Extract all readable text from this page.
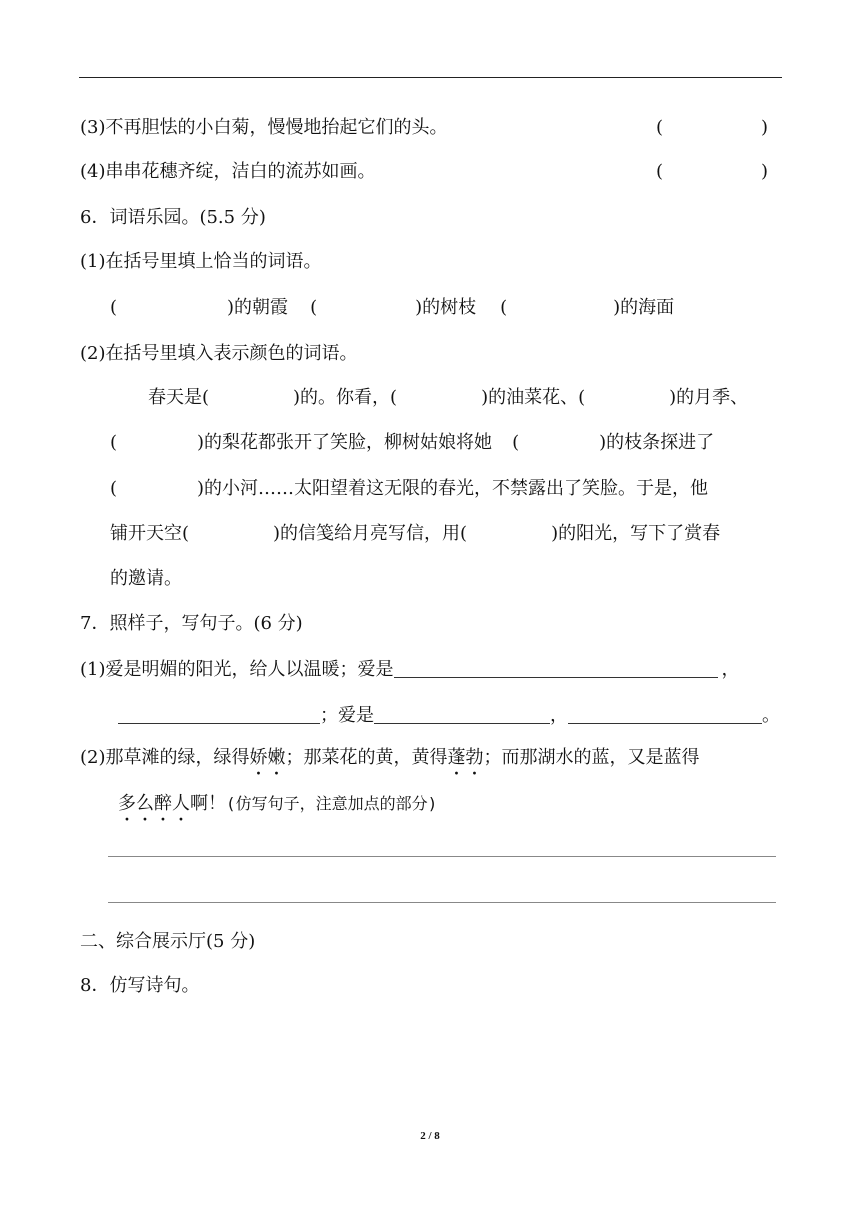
(3)不再胆怯的小白菊，慢慢地抬起它们的头。	(	)
(4)串串花穗齐绽，洁白的流苏如画。	(	)
6．词语乐园。(5.5 分)
(1)在括号里填上恰当的词语。
(	)的朝霞 (	)的树枝 (	)的海面
(2)在括号里填入表示颜色的词语。
春天是(	)的。你看，(	)的油菜花、(	)的月季、
(	)的梨花都张开了笑脸，柳树姑娘将她 (	)的枝条探进了
(	)的小河……太阳望着这无限的春光，不禁露出了笑脸。于是，他
铺开天空(	)的信笺给月亮写信，用(	)的阳光，写下了赏春
的邀请。
7．照样子，写句子。(6 分)
(1)爱是明媚的阳光，给人以温暖；爱是	，
；爱是	，	。
(2)那草滩的绿，绿得娇嫩；那菜花的黄，黄得蓬勃；而那湖水的蓝，又是蓝得
多么醉人啊！(仿写句子，注意加点的部分)
二、综合展示厅(5 分)
8．仿写诗句。
2 / 8
